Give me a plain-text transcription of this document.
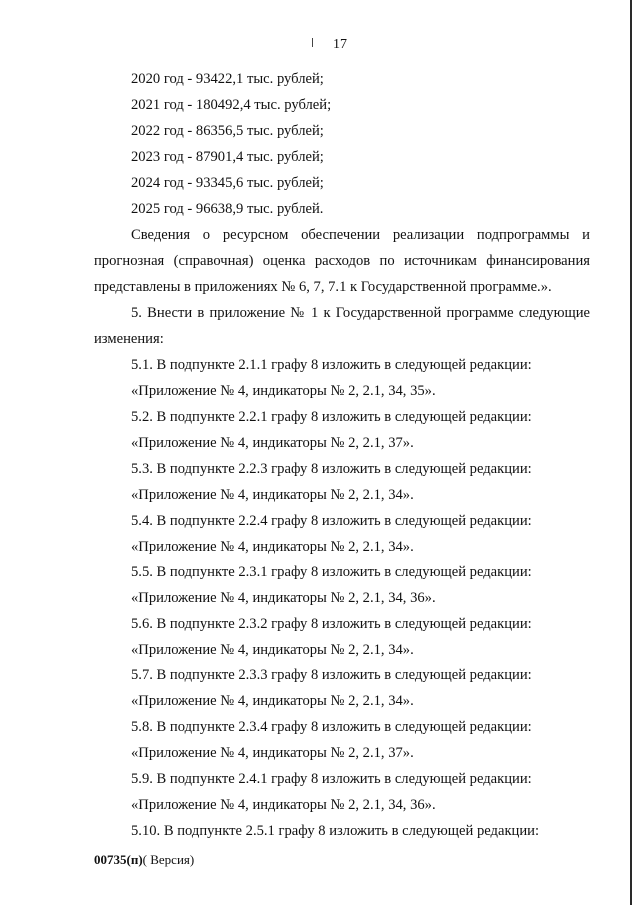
17
2020 год - 93422,1 тыс. рублей;
2021 год - 180492,4 тыс. рублей;
2022 год - 86356,5 тыс. рублей;
2023 год - 87901,4 тыс. рублей;
2024 год - 93345,6 тыс. рублей;
2025 год - 96638,9 тыс. рублей.
Сведения о ресурсном обеспечении реализации подпрограммы и
прогнозная (справочная) оценка расходов по источникам финансирования
представлены в приложениях № 6, 7, 7.1 к Государственной программе.».
5. Внести в приложение № 1 к Государственной программе следующие
изменения:
5.1. В подпункте 2.1.1 графу 8 изложить в следующей редакции:
«Приложение № 4, индикаторы № 2, 2.1, 34, 35».
5.2. В подпункте 2.2.1 графу 8 изложить в следующей редакции:
«Приложение № 4, индикаторы № 2, 2.1, 37».
5.3. В подпункте 2.2.3 графу 8 изложить в следующей редакции:
«Приложение № 4, индикаторы № 2, 2.1, 34».
5.4. В подпункте 2.2.4 графу 8 изложить в следующей редакции:
«Приложение № 4, индикаторы № 2, 2.1, 34».
5.5. В подпункте 2.3.1 графу 8 изложить в следующей редакции:
«Приложение № 4, индикаторы № 2, 2.1, 34, 36».
5.6. В подпункте 2.3.2 графу 8 изложить в следующей редакции:
«Приложение № 4, индикаторы № 2, 2.1, 34».
5.7. В подпункте 2.3.3 графу 8 изложить в следующей редакции:
«Приложение № 4, индикаторы № 2, 2.1, 34».
5.8. В подпункте 2.3.4 графу 8 изложить в следующей редакции:
«Приложение № 4, индикаторы № 2, 2.1, 37».
5.9. В подпункте 2.4.1 графу 8 изложить в следующей редакции:
«Приложение № 4, индикаторы № 2, 2.1, 34, 36».
5.10. В подпункте 2.5.1 графу 8 изложить в следующей редакции:
00735(п)( Версия)
